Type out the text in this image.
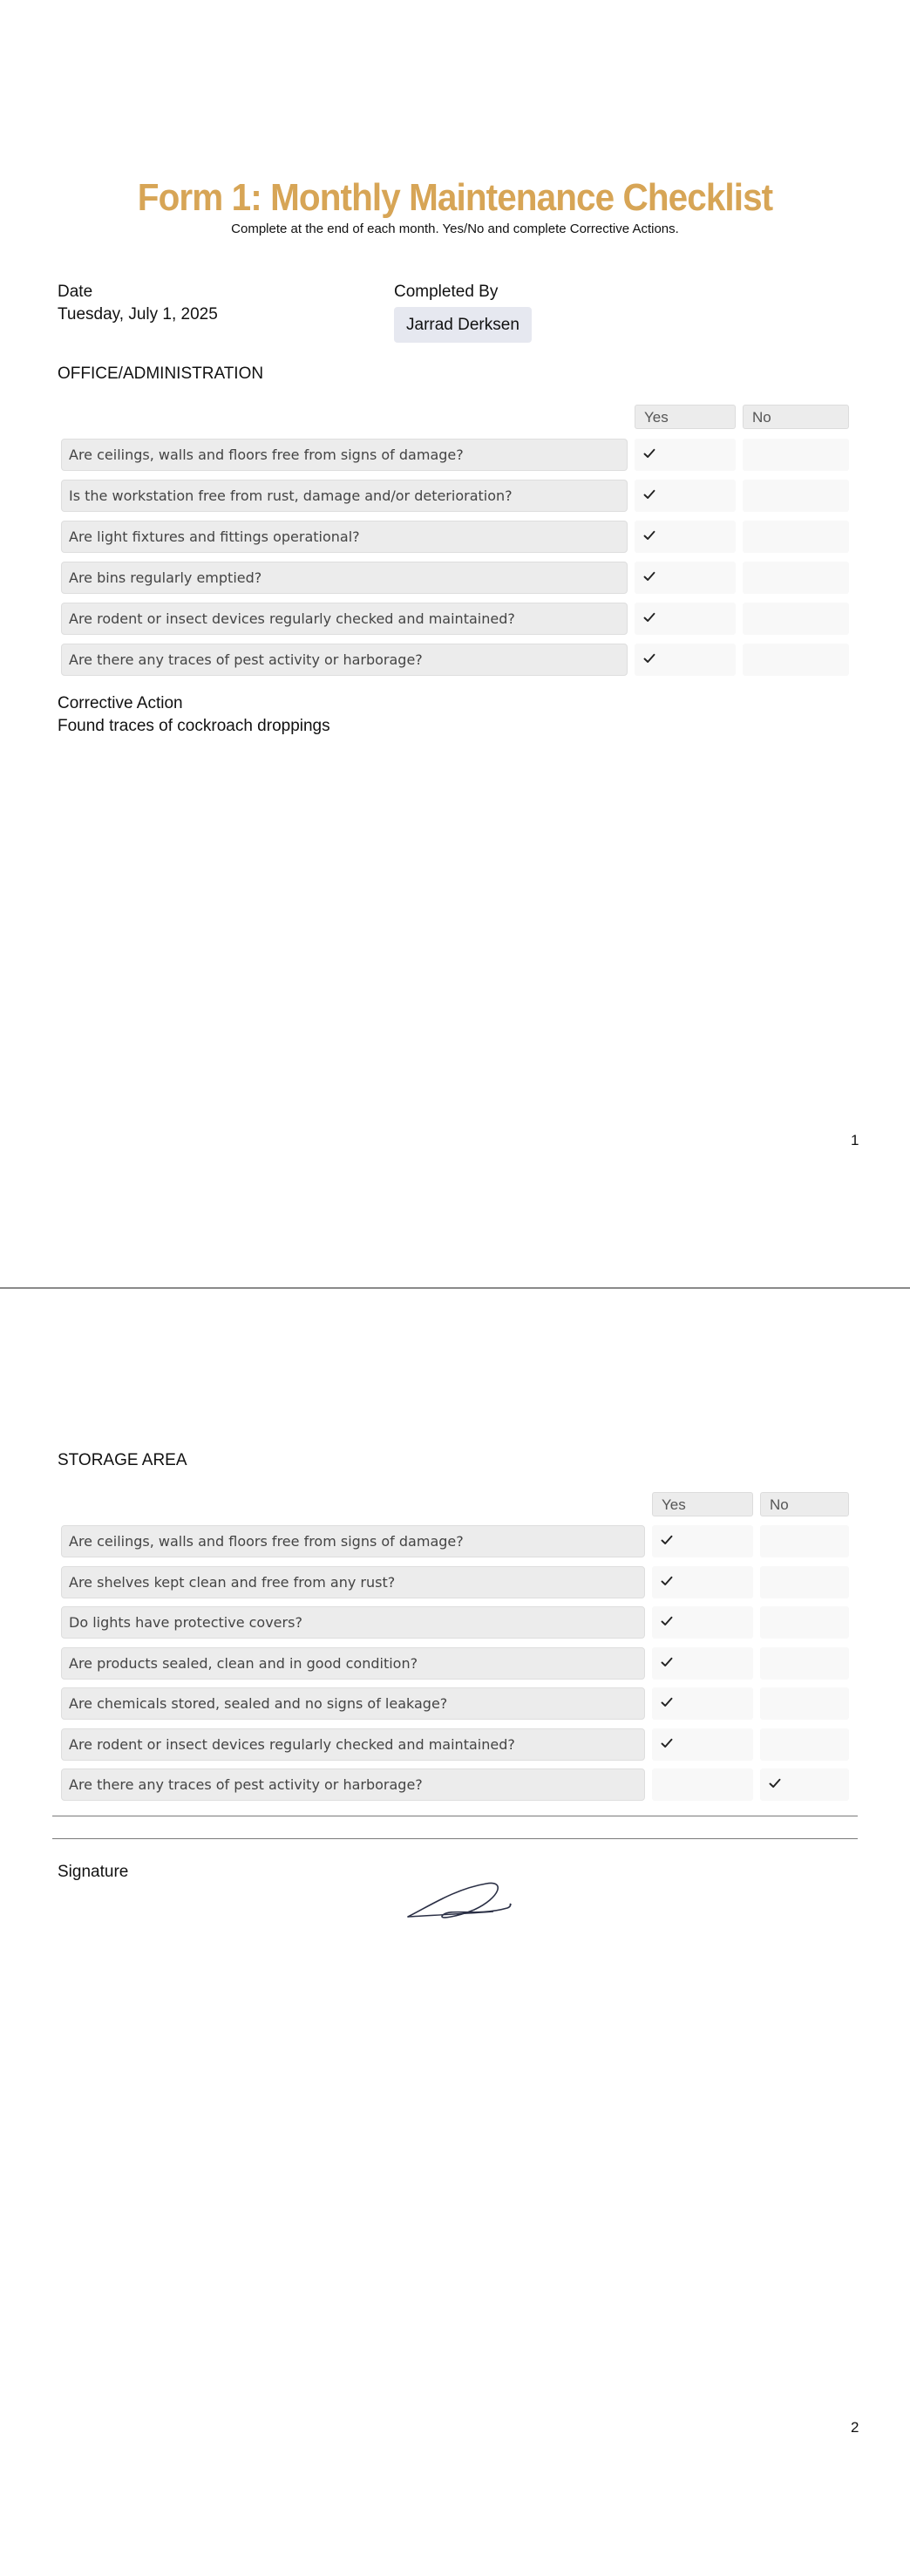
Form 1: Monthly Maintenance Checklist
Complete at the end of each month. Yes/No and complete Corrective Actions.
Date
Tuesday, July 1, 2025
Completed By
Jarrad Derksen
OFFICE/ADMINISTRATION
Yes	No
Are ceilings, walls and floors free from signs of damage?
Is the workstation free from rust, damage and/or deterioration?
Are light fixtures and fittings operational?
Are bins regularly emptied?
Are rodent or insect devices regularly checked and maintained?
Are there any traces of pest activity or harborage?
Corrective Action
Found traces of cockroach droppings
1
STORAGE AREA
Yes	No
Are ceilings, walls and floors free from signs of damage?
Are shelves kept clean and free from any rust?
Do lights have protective covers?
Are products sealed, clean and in good condition?
Are chemicals stored, sealed and no signs of leakage?
Are rodent or insect devices regularly checked and maintained?
Are there any traces of pest activity or harborage?
Signature
2
